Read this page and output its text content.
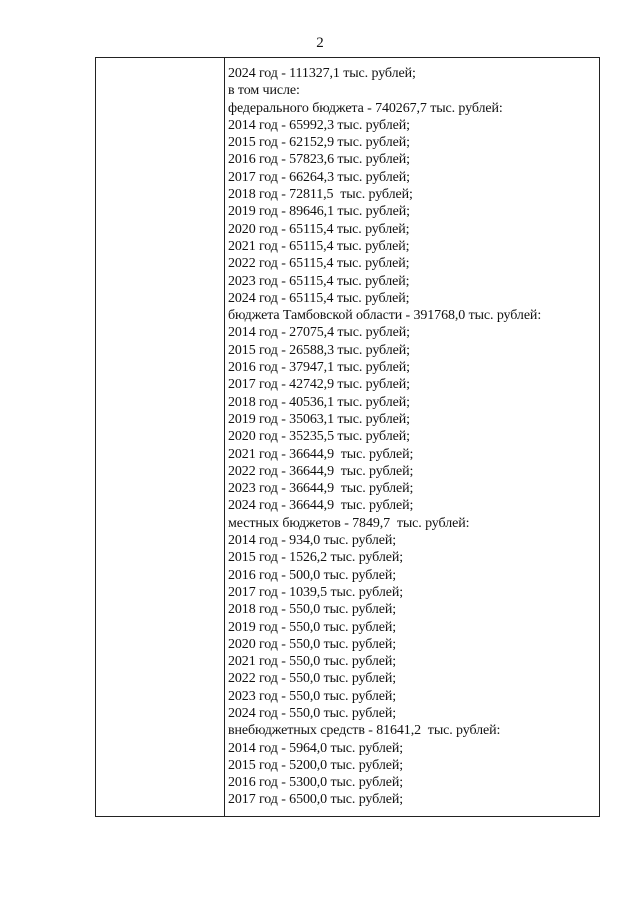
2
2024 год - 111327,1 тыс. рублей;
в том числе:
федерального бюджета - 740267,7 тыс. рублей:
2014 год - 65992,3 тыс. рублей;
2015 год - 62152,9 тыс. рублей;
2016 год - 57823,6 тыс. рублей;
2017 год - 66264,3 тыс. рублей;
2018 год - 72811,5  тыс. рублей;
2019 год - 89646,1 тыс. рублей;
2020 год - 65115,4 тыс. рублей;
2021 год - 65115,4 тыс. рублей;
2022 год - 65115,4 тыс. рублей;
2023 год - 65115,4 тыс. рублей;
2024 год - 65115,4 тыс. рублей;
бюджета Тамбовской области - 391768,0 тыс. рублей:
2014 год - 27075,4 тыс. рублей;
2015 год - 26588,3 тыс. рублей;
2016 год - 37947,1 тыс. рублей;
2017 год - 42742,9 тыс. рублей;
2018 год - 40536,1 тыс. рублей;
2019 год - 35063,1 тыс. рублей;
2020 год - 35235,5 тыс. рублей;
2021 год - 36644,9  тыс. рублей;
2022 год - 36644,9  тыс. рублей;
2023 год - 36644,9  тыс. рублей;
2024 год - 36644,9  тыс. рублей;
местных бюджетов - 7849,7  тыс. рублей:
2014 год - 934,0 тыс. рублей;
2015 год - 1526,2 тыс. рублей;
2016 год - 500,0 тыс. рублей;
2017 год - 1039,5 тыс. рублей;
2018 год - 550,0 тыс. рублей;
2019 год - 550,0 тыс. рублей;
2020 год - 550,0 тыс. рублей;
2021 год - 550,0 тыс. рублей;
2022 год - 550,0 тыс. рублей;
2023 год - 550,0 тыс. рублей;
2024 год - 550,0 тыс. рублей;
внебюджетных средств - 81641,2  тыс. рублей:
2014 год - 5964,0 тыс. рублей;
2015 год - 5200,0 тыс. рублей;
2016 год - 5300,0 тыс. рублей;
2017 год - 6500,0 тыс. рублей;
